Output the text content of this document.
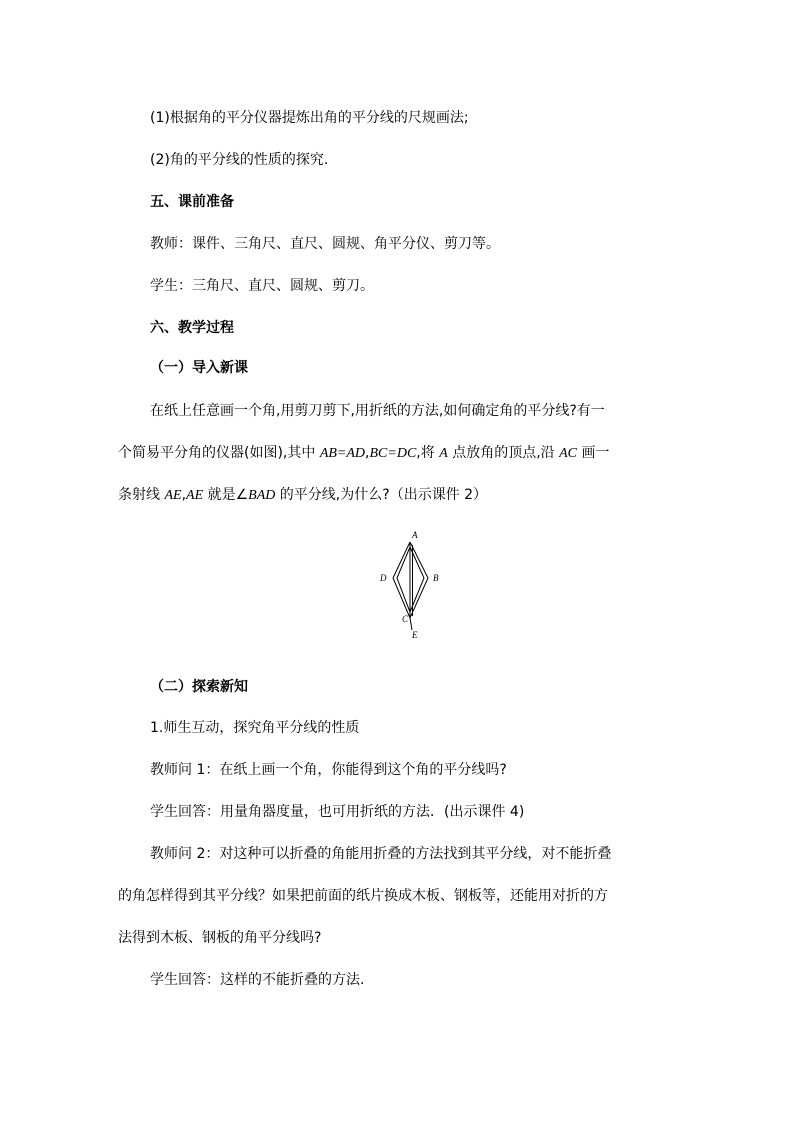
(1)根据角的平分仪器提炼出角的平分线的尺规画法;
(2)角的平分线的性质的探究.
五、课前准备
教师：课件、三角尺、直尺、圆规、角平分仪、剪刀等。
学生：三角尺、直尺、圆规、剪刀。
六、教学过程
（一）导入新课
在纸上任意画一个角,用剪刀剪下,用折纸的方法,如何确定角的平分线?有一
个简易平分角的仪器(如图),其中 AB=AD,BC=DC,将 A 点放角的顶点,沿 AC 画一
条射线 AE,AE 就是∠BAD 的平分线,为什么?（出示课件 2）
A
D	B
C
E
（二）探索新知
1.师生互动，探究角平分线的性质
教师问 1：在纸上画一个角，你能得到这个角的平分线吗?
学生回答：用量角器度量，也可用折纸的方法．(出示课件 4)
教师问 2：对这种可以折叠的角能用折叠的方法找到其平分线，对不能折叠
的角怎样得到其平分线？如果把前面的纸片换成木板、钢板等，还能用对折的方
法得到木板、钢板的角平分线吗?
学生回答：这样的不能折叠的方法.
